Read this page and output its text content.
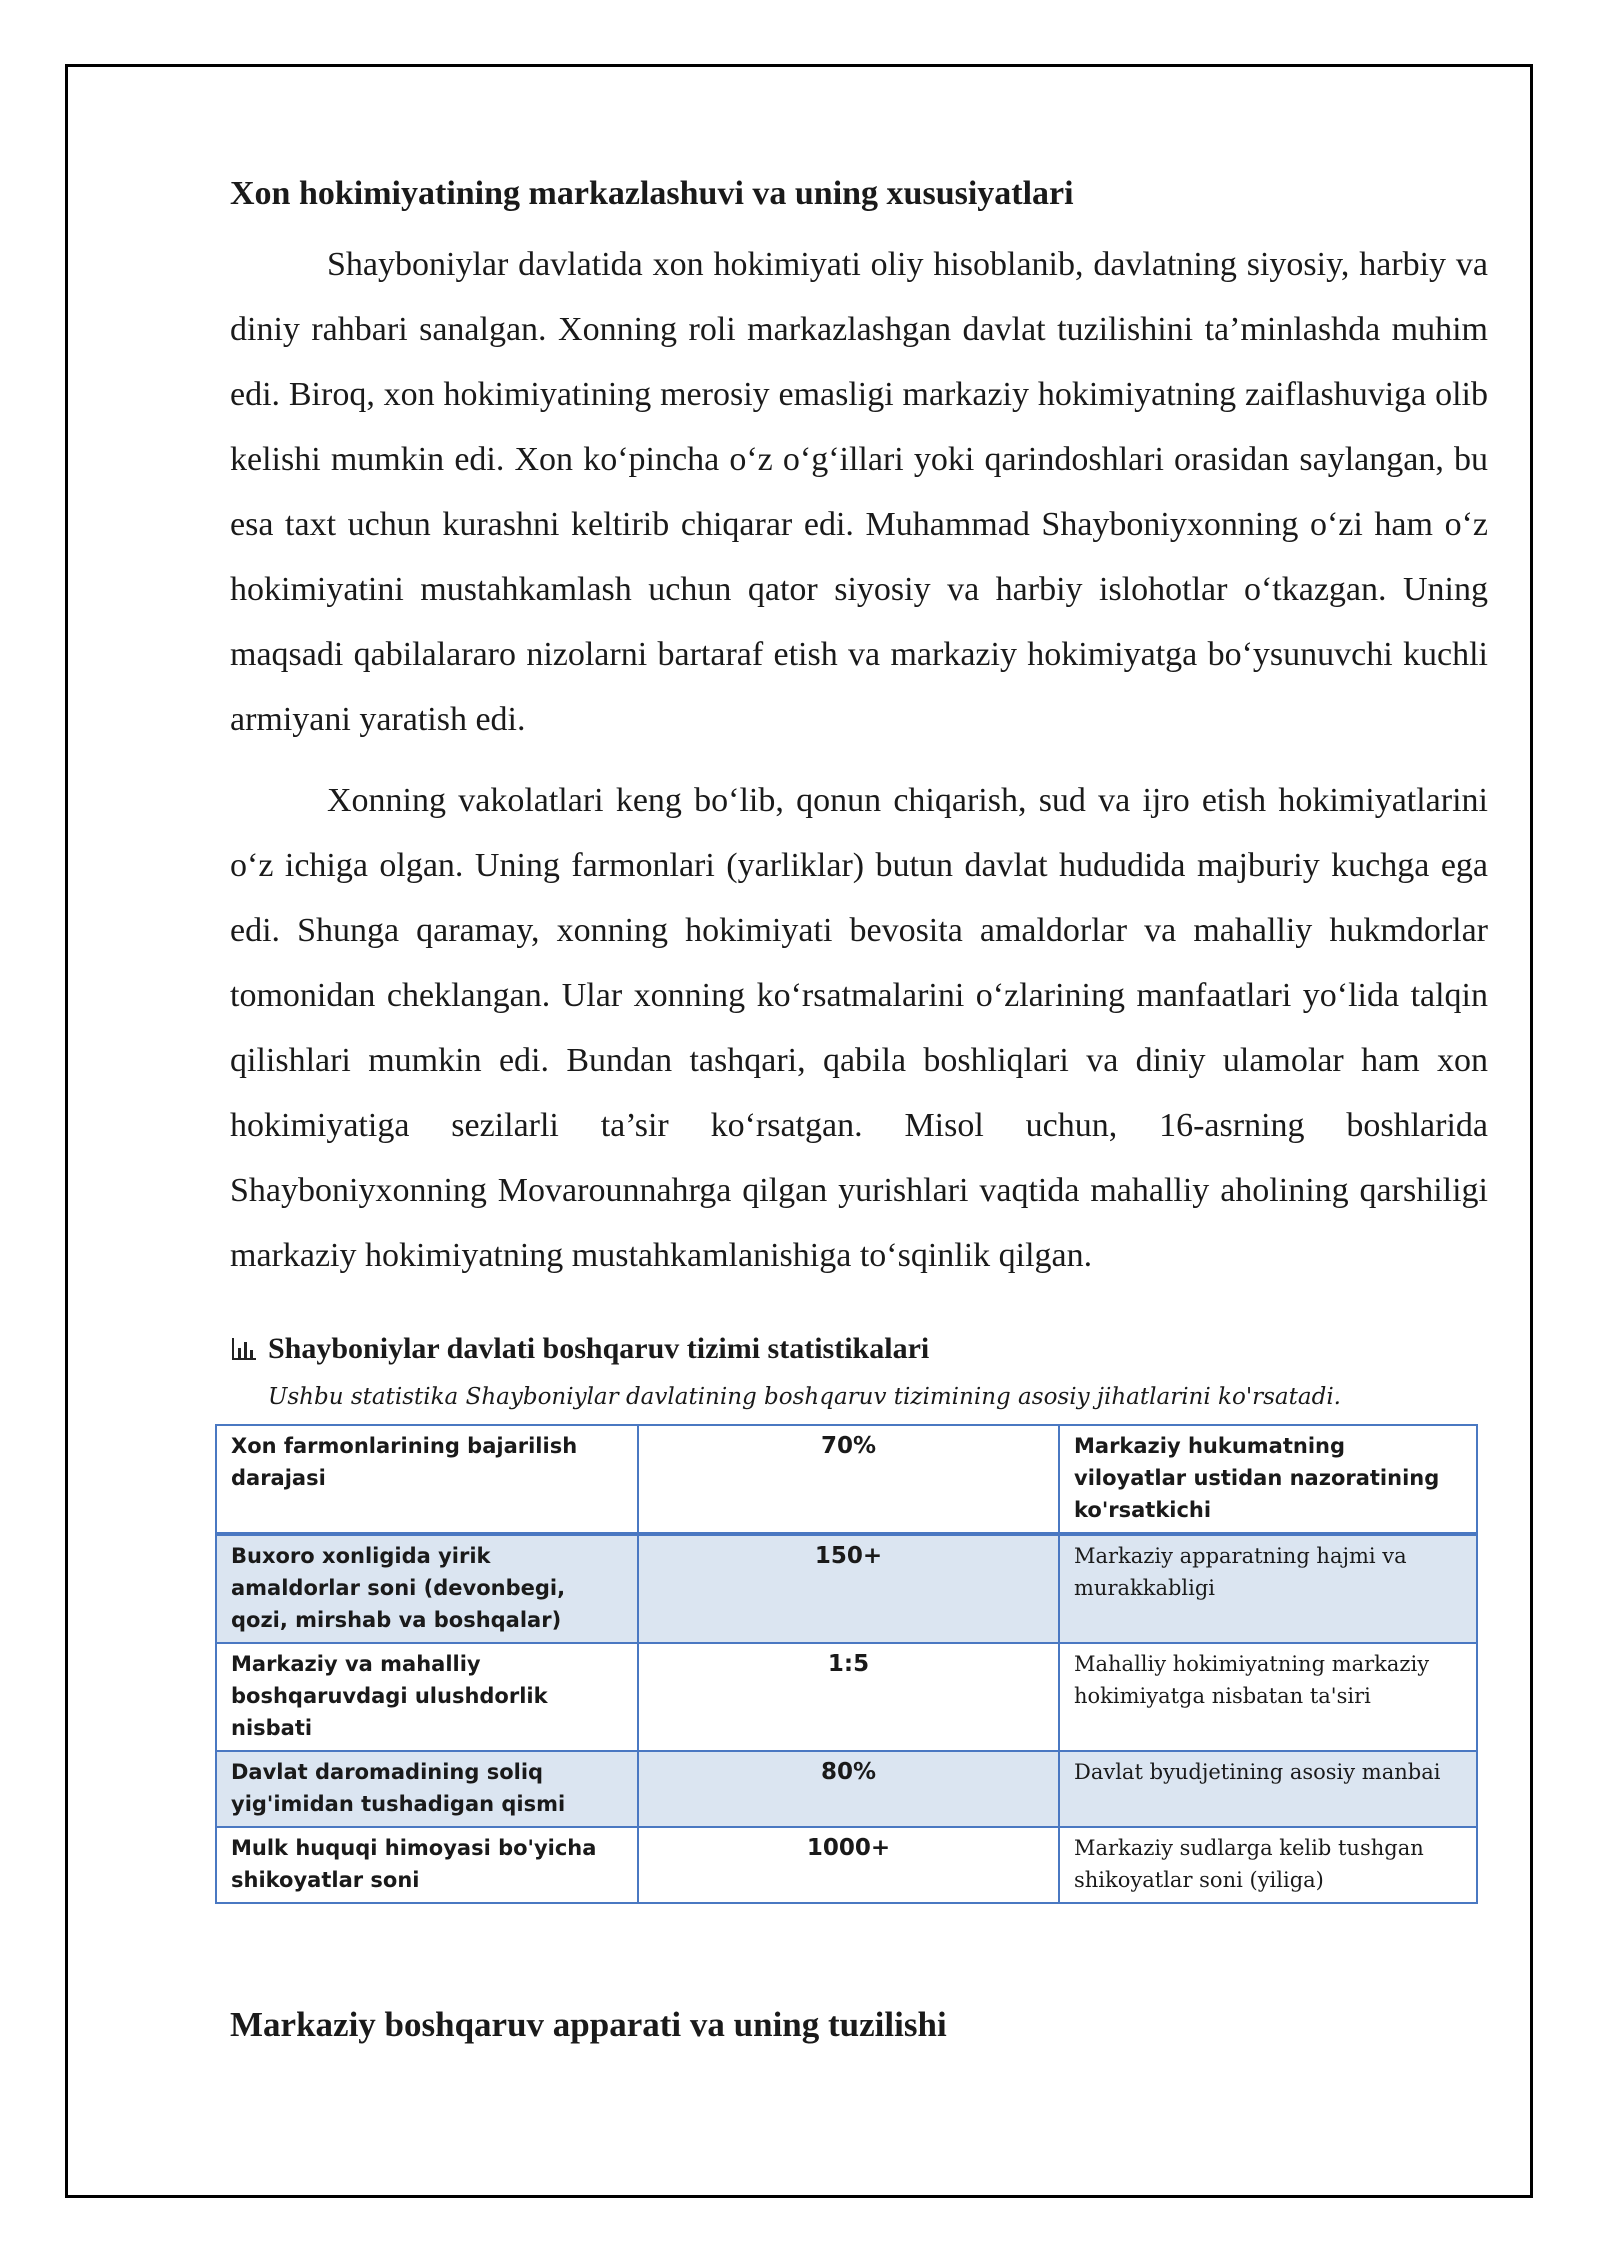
Xon hokimiyatining markazlashuvi va uning xususiyatlari

Shayboniylar davlatida xon hokimiyati oliy hisoblanib, davlatning siyosiy, harbiy va diniy rahbari sanalgan. Xonning roli markazlashgan davlat tuzilishini ta’minlashda muhim edi. Biroq, xon hokimiyatining merosiy emasligi markaziy hokimiyatning zaiflashuviga olib kelishi mumkin edi. Xon ko‘pincha o‘z o‘g‘illari yoki qarindoshlari orasidan saylangan, bu esa taxt uchun kurashni keltirib chiqarar edi. Muhammad Shayboniyxonning o‘zi ham o‘z hokimiyatini mustahkamlash uchun qator siyosiy va harbiy islohotlar o‘tkazgan. Uning maqsadi qabilalararo nizolarni bartaraf etish va markaziy hokimiyatga bo‘ysunuvchi kuchli armiyani yaratish edi.

Xonning vakolatlari keng bo‘lib, qonun chiqarish, sud va ijro etish hokimiyatlarini o‘z ichiga olgan. Uning farmonlari (yarliklar) butun davlat hududida majburiy kuchga ega edi. Shunga qaramay, xonning hokimiyati bevosita amaldorlar va mahalliy hukmdorlar tomonidan cheklangan. Ular xonning ko‘rsatmalarini o‘zlarining manfaatlari yo‘lida talqin qilishlari mumkin edi. Bundan tashqari, qabila boshliqlari va diniy ulamolar ham xon hokimiyatiga sezilarli ta’sir ko‘rsatgan. Misol uchun, 16-asrning boshlarida Shayboniyxonning Movarounnahrga qilgan yurishlari vaqtida mahalliy aholining qarshiligi markaziy hokimiyatning mustahkamlanishiga to‘sqinlik qilgan.

Shayboniylar davlati boshqaruv tizimi statistikalari
Ushbu statistika Shayboniylar davlatining boshqaruv tizimining asosiy jihatlarini ko'rsatadi.
Xon farmonlarining bajarilish darajasi	70%	Markaziy hukumatning viloyatlar ustidan nazoratining ko'rsatkichi
Buxoro xonligida yirik amaldorlar soni (devonbegi, qozi, mirshab va boshqalar)	150+	Markaziy apparatning hajmi va murakkabligi
Markaziy va mahalliy boshqaruvdagi ulushdorlik nisbati	1:5	Mahalliy hokimiyatning markaziy hokimiyatga nisbatan ta'siri
Davlat daromadining soliq yig'imidan tushadigan qismi	80%	Davlat byudjetining asosiy manbai
Mulk huquqi himoyasi bo'yicha shikoyatlar soni	1000+	Markaziy sudlarga kelib tushgan shikoyatlar soni (yiliga)
Markaziy boshqaruv apparati va uning tuzilishi
